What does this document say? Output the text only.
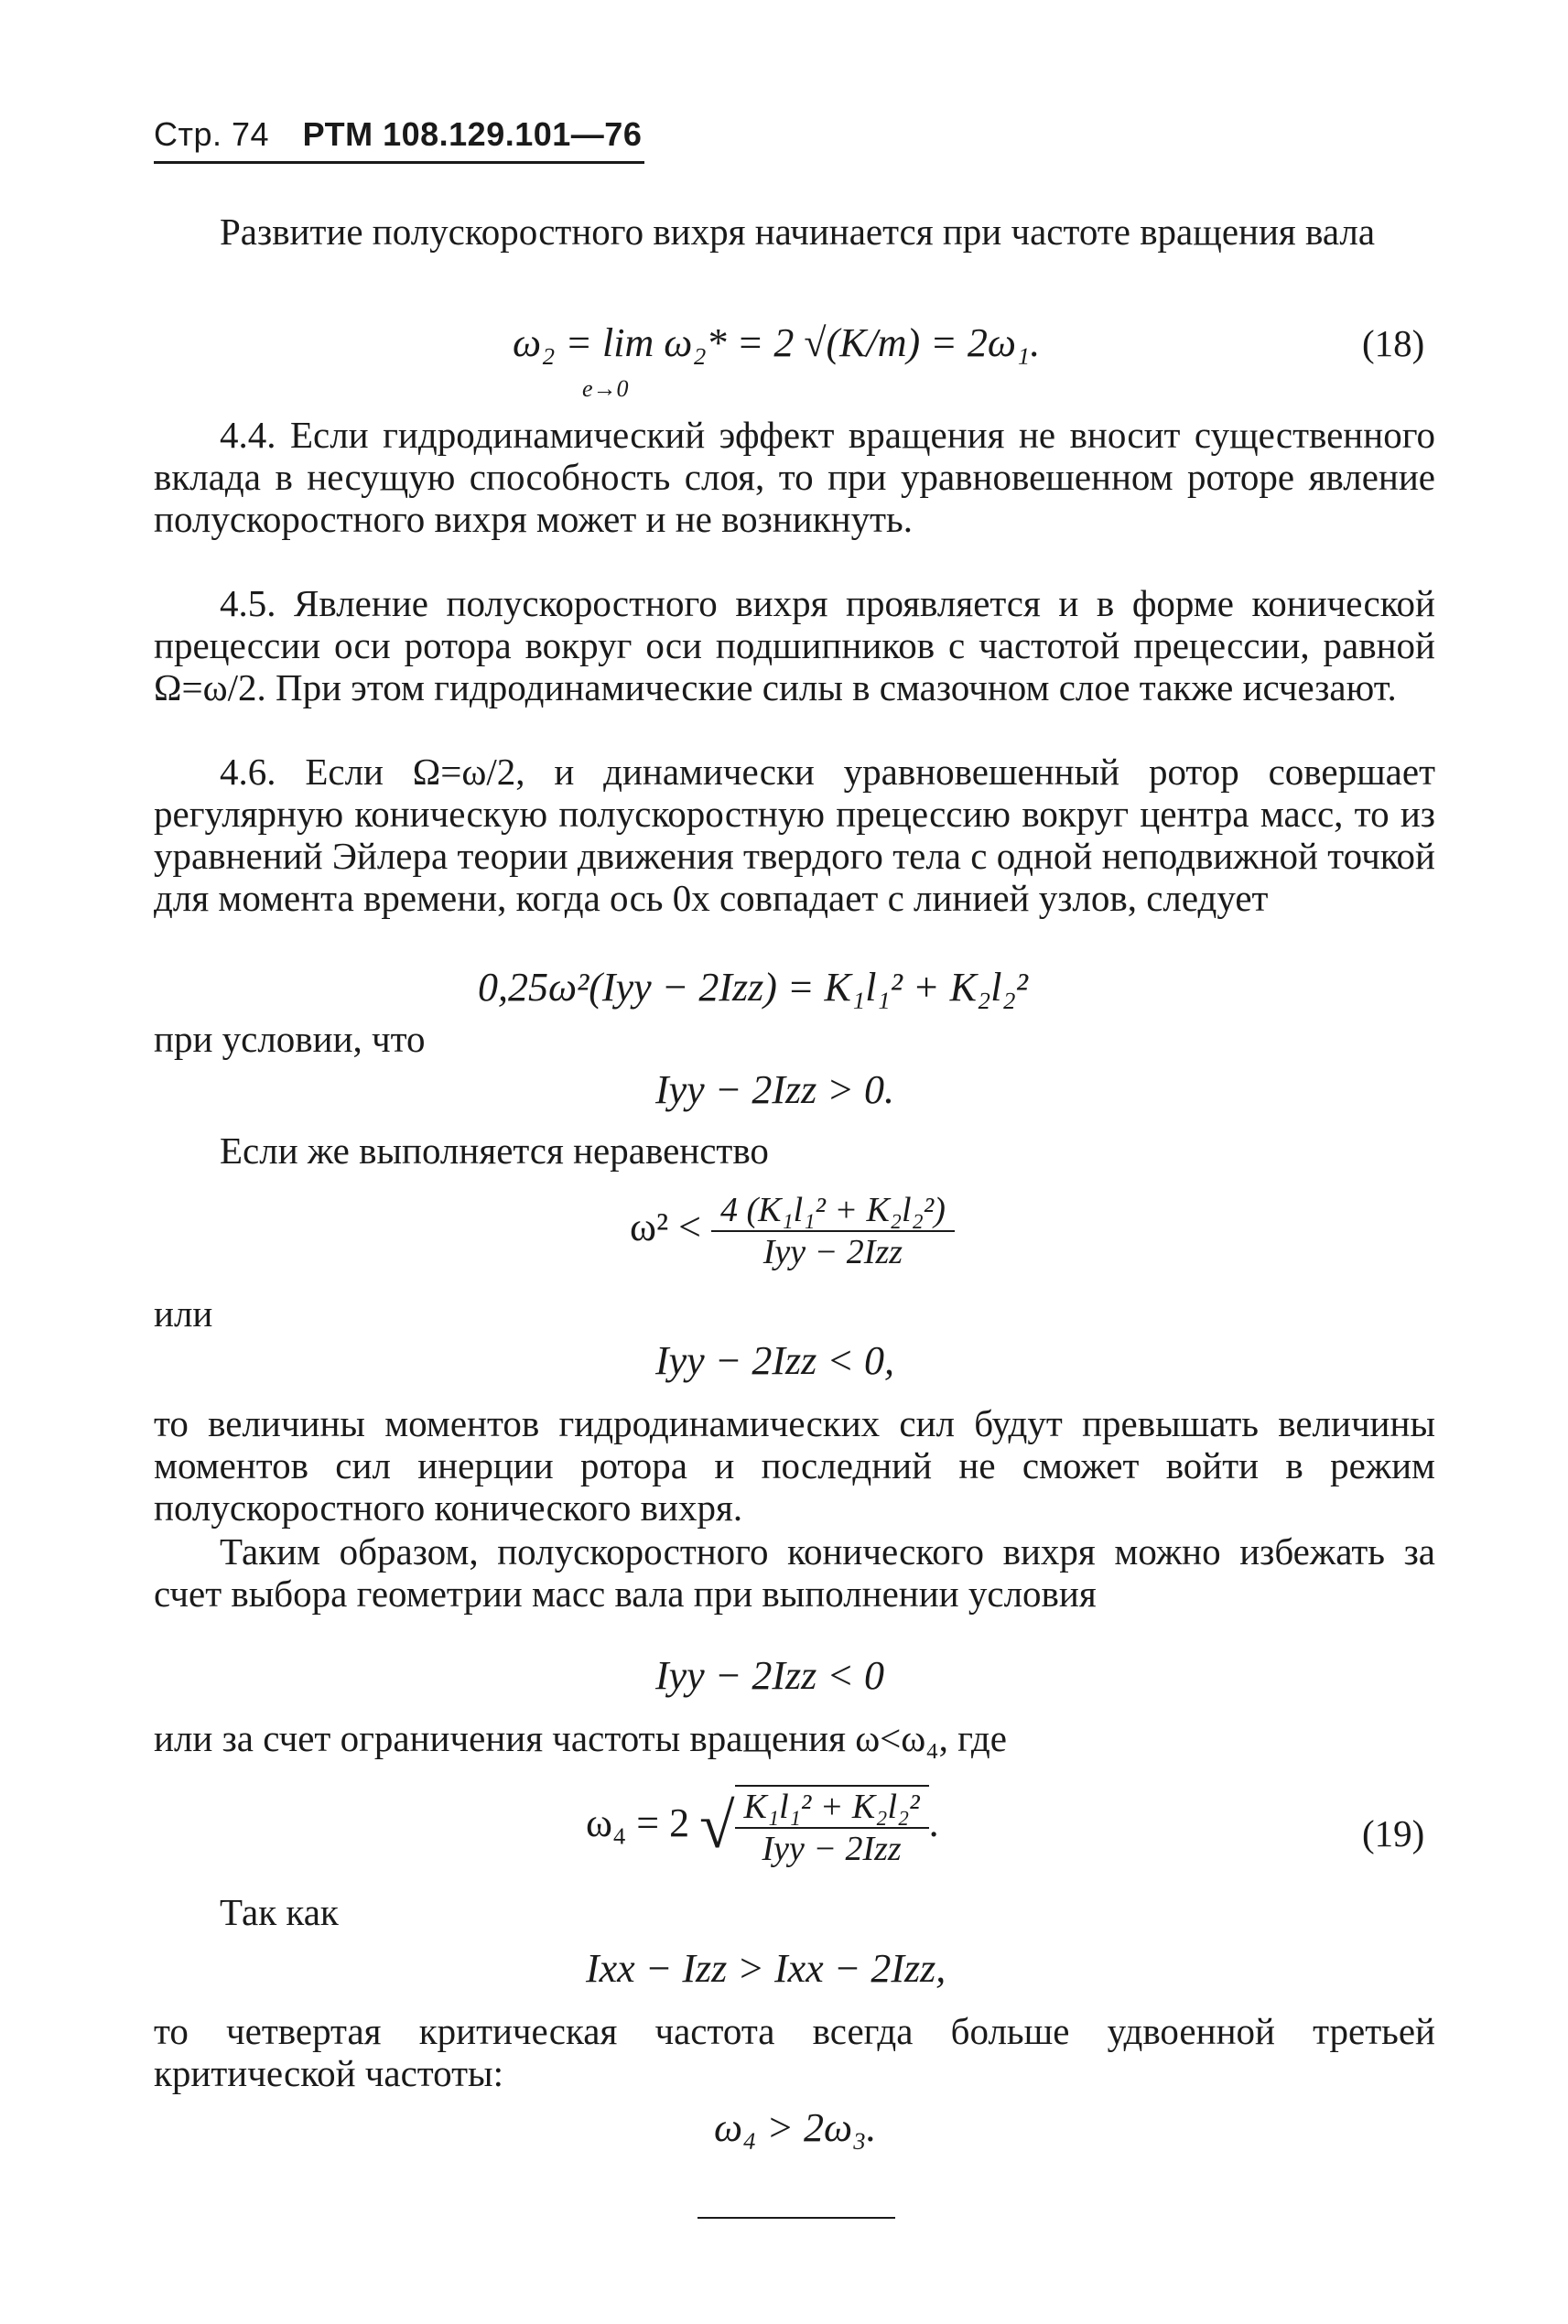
Стр. 74 РТМ 108.129.101—76
Развитие полускоростного вихря начинается при частоте вращения вала
ω₂ = lim ω₂* = 2 √(K/m) = 2ω₁.
e→0
(18)
4.4. Если гидродинамический эффект вращения не вносит существенного вклада в несущую способность слоя, то при уравновешенном роторе явление полускоростного вихря может и не возникнуть.
4.5. Явление полускоростного вихря проявляется и в форме конической прецессии оси ротора вокруг оси подшипников с частотой прецессии, равной Ω=ω/2. При этом гидродинамические силы в смазочном слое также исчезают.
4.6. Если Ω=ω/2, и динамически уравновешенный ротор совершает регулярную коническую полускоростную прецессию вокруг центра масс, то из уравнений Эйлера теории движения твердого тела с одной неподвижной точкой для момента времени, когда ось 0x совпадает с линией узлов, следует
0,25ω²(Iyy − 2Izz) = K₁l₁² + K₂l₂²
при условии, что
Iyy − 2Izz > 0.
Если же выполняется неравенство
$\omega^2 < \frac{\text{4 (K₁l₁² + K₂l₂²)}}{\text{Iyy − 2Izz}}$
или
Iyy − 2Izz < 0,
то величины моментов гидродинамических сил будут превышать величины моментов сил инерции ротора и последний не сможет войти в режим полускоростного конического вихря.
Таким образом, полускоростного конического вихря можно избежать за счет выбора геометрии масс вала при выполнении условия
Iyy − 2Izz < 0
или за счет ограничения частоты вращения ω<ω₄, где
ω₄ = 2 √ $\frac{\text{K₁l₁² + K₂l₂²}}{\text{Iyy − 2Izz}}$ .	(19)
Так как
Ixx − Izz > Ixx − 2Izz,
то четвертая критическая частота всегда больше удвоенной третьей критической частоты:
ω₄ > 2ω₃.
